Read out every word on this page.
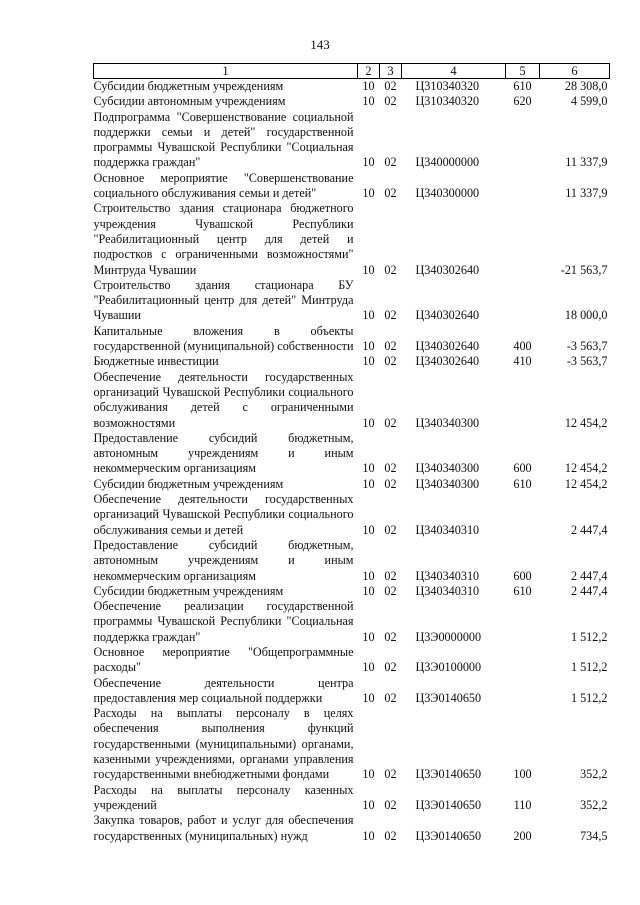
143
1	2	3	4	5	6
Субсидии бюджетным учреждениям	10	02	Ц310340320	610	28 308,0
Субсидии автономным учреждениям	10	02	Ц310340320	620	4 599,0
Подпрограмма "Совершенствование социальной поддержки семьи и детей" государственной программы Чувашской Республики "Социальная поддержка граждан"	10	02	Ц340000000		11 337,9
Основное мероприятие "Совершенствование социального обслуживания семьи и детей"	10	02	Ц340300000		11 337,9
Строительство здания стационара бюджетного учреждения Чувашской Республики "Реабилитационный центр для детей и подростков с ограниченными возможностями" Минтруда Чувашии	10	02	Ц340302640		-21 563,7
Строительство здания стационара БУ "Реабилитационный центр для детей" Минтруда Чувашии	10	02	Ц340302640		18 000,0
Капитальные вложения в объекты государственной (муниципальной) собственности	10	02	Ц340302640	400	-3 563,7
Бюджетные инвестиции	10	02	Ц340302640	410	-3 563,7
Обеспечение деятельности государственных организаций Чувашской Республики социального обслуживания детей с ограниченными возможностями	10	02	Ц340340300		12 454,2
Предоставление субсидий бюджетным, автономным учреждениям и иным некоммерческим организациям	10	02	Ц340340300	600	12 454,2
Субсидии бюджетным учреждениям	10	02	Ц340340300	610	12 454,2
Обеспечение деятельности государственных организаций Чувашской Республики социального обслуживания семьи и детей	10	02	Ц340340310		2 447,4
Предоставление субсидий бюджетным, автономным учреждениям и иным некоммерческим организациям	10	02	Ц340340310	600	2 447,4
Субсидии бюджетным учреждениям	10	02	Ц340340310	610	2 447,4
Обеспечение реализации государственной программы Чувашской Республики "Социальная поддержка граждан"	10	02	Ц3Э0000000		1 512,2
Основное мероприятие "Общепрограммные расходы"	10	02	Ц3Э0100000		1 512,2
Обеспечение деятельности центра предоставления мер социальной поддержки	10	02	Ц3Э0140650		1 512,2
Расходы на выплаты персоналу в целях обеспечения выполнения функций государственными (муниципальными) органами, казенными учреждениями, органами управления государственными внебюджетными фондами	10	02	Ц3Э0140650	100	352,2
Расходы на выплаты персоналу казенных учреждений	10	02	Ц3Э0140650	110	352,2
Закупка товаров, работ и услуг для обеспечения государственных (муниципальных) нужд	10	02	Ц3Э0140650	200	734,5
